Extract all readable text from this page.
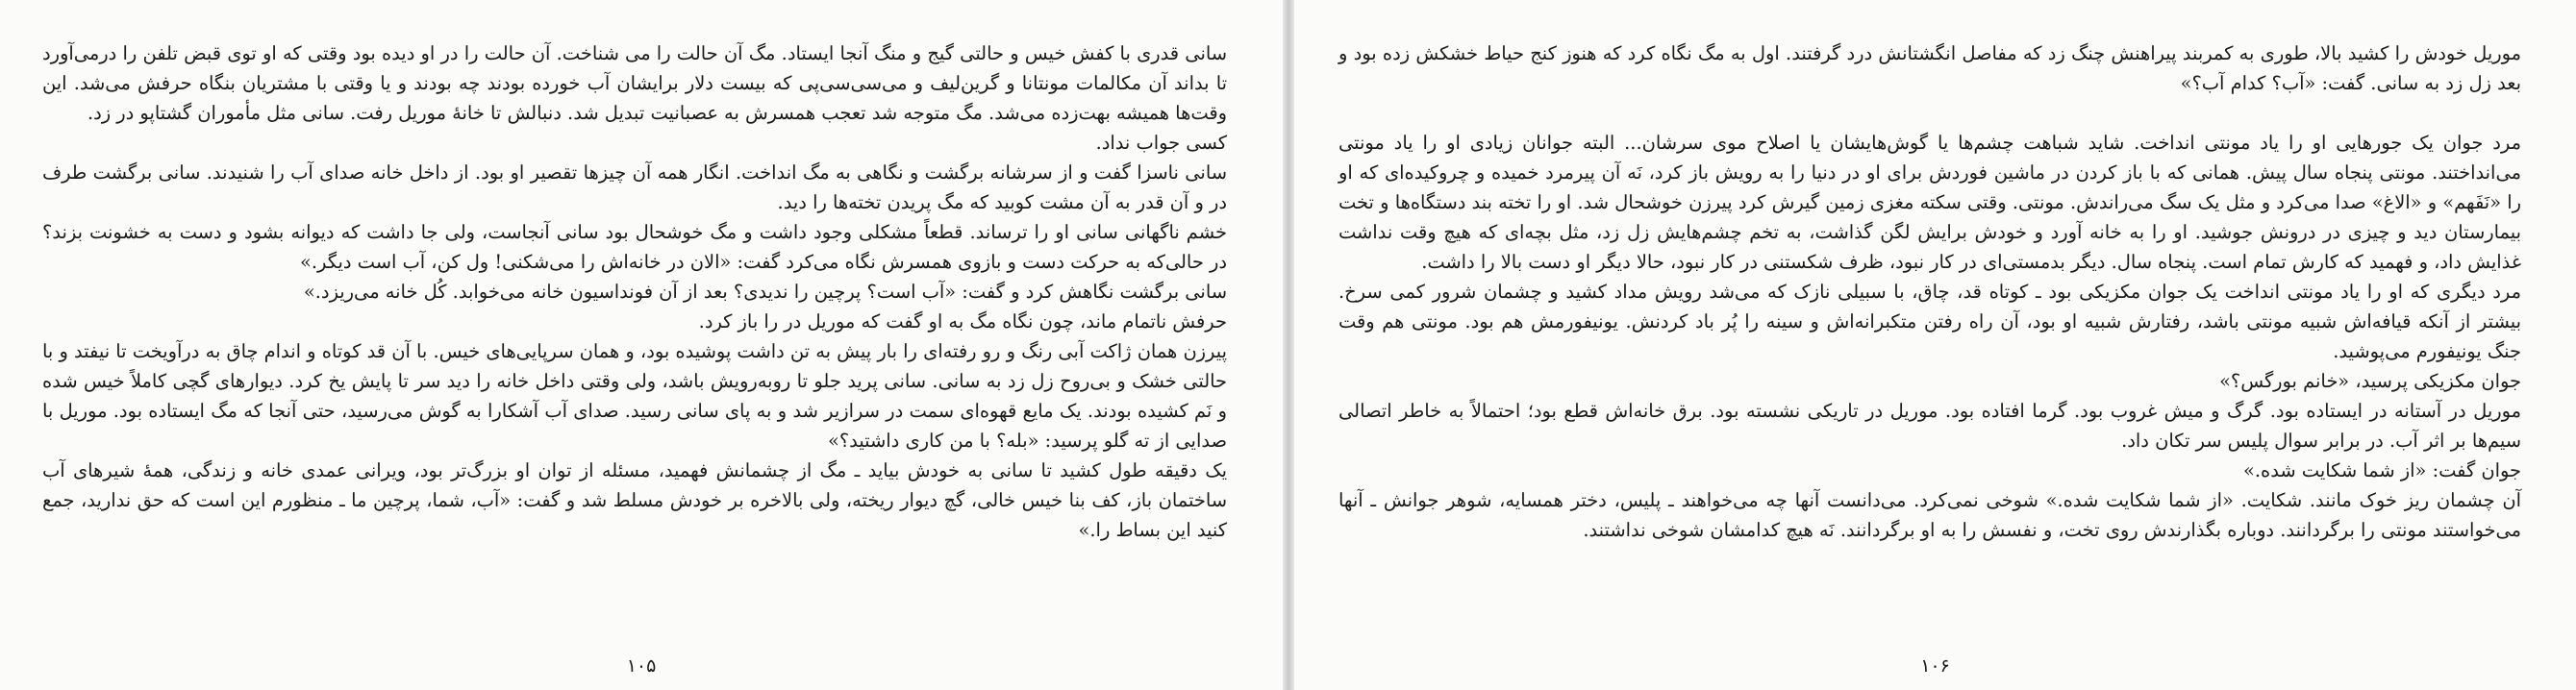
سانی قدری با کفش خیس و حالتی گیج و منگ آنجا ایستاد. مگ آن حالت را می شناخت. آن حالت را در او دیده بود وقتی که او توی قبض تلفن را درمی‌آورد تا بداند آن مکالمات مونتانا و گرین‌لیف و می‌سی‌سی‌پی که بیست دلار برایشان آب خورده بودند چه بودند و یا وقتی با مشتریان بنگاه حرفش می‌شد. این وقت‌ها همیشه بهت‌زده می‌شد. مگ متوجه شد تعجب همسرش به عصبانیت تبدیل شد. دنبالش تا خانهٔ موریل رفت. سانی مثل مأموران گشتاپو در زد.

کسی جواب نداد.

سانی ناسزا گفت و از سرشانه برگشت و نگاهی به مگ انداخت. انگار همه آن چیزها تقصیر او بود. از داخل خانه صدای آب را شنیدند. سانی برگشت طرف در و آن قدر به آن مشت کوبید که مگ پریدن تخته‌ها را دید.

خشم ناگهانی سانی او را ترساند. قطعاً مشکلی وجود داشت و مگ خوشحال بود سانی آنجاست، ولی جا داشت که دیوانه بشود و دست به خشونت بزند؟ در حالی‌که به حرکت دست و بازوی همسرش نگاه می‌کرد گفت: «الان در خانه‌اش را می‌شکنی! ول کن، آب است دیگر.»

سانی برگشت نگاهش کرد و گفت: «آب است؟ پرچین را ندیدی؟ بعد از آن فونداسیون خانه می‌خوابد. کُل خانه می‌ریزد.»

حرفش ناتمام ماند، چون نگاه مگ به او گفت که موریل در را باز کرد.

پیرزن همان ژاکت آبی رنگ و رو رفته‌ای را بار پیش به تن داشت پوشیده بود، و همان سرپایی‌های خیس. با آن قد کوتاه و اندام چاق به درآویخت تا نیفتد و با حالتی خشک و بی‌روح زل زد به سانی. سانی پرید جلو تا روبه‌رویش باشد، ولی وقتی داخل خانه را دید سر تا پایش یخ کرد. دیوارهای گچی کاملاً خیس شده و نَم کشیده بودند. یک مایع قهوه‌ای سمت در سرازیر شد و به پای سانی رسید. صدای آب آشکارا به گوش می‌رسید، حتی آنجا که مگ ایستاده بود. موریل با صدایی از ته گلو پرسید: «بله؟ با من کاری داشتید؟»

یک دقیقه طول کشید تا سانی به خودش بیاید ـ مگ از چشمانش فهمید، مسئله از توان او بزرگ‌تر بود، ویرانی عمدی خانه و زندگی، همهٔ شیرهای آب ساختمان باز، کف بنا خیس خالی، گچ دیوار ریخته، ولی بالاخره بر خودش مسلط شد و گفت: «آب، شما، پرچین ما ـ منظورم این است که حق ندارید، جمع کنید این بساط را.»

۱۰۵

موریل خودش را کشید بالا، طوری به کمربند پیراهنش چنگ زد که مفاصل انگشتانش درد گرفتند. اول به مگ نگاه کرد که هنوز کنج حیاط خشکش زده بود و بعد زل زد به سانی. گفت: «آب؟ کدام آب؟»

مرد جوان یک جورهایی او را یاد مونتی انداخت. شاید شباهت چشم‌ها یا گوش‌هایشان یا اصلاح موی سرشان... البته جوانان زیادی او را یاد مونتی می‌انداختند. مونتی پنجاه سال پیش. همانی که با باز کردن در ماشین فوردش برای او در دنیا را به رویش باز کرد، نَه آن پیرمرد خمیده و چروکیده‌ای که او را «نَفَهم» و «الاغ» صدا می‌کرد و مثل یک سگ می‌راندش. مونتی. وقتی سکته مغزی زمین گیرش کرد پیرزن خوشحال شد. او را تخته بند دستگاه‌ها و تخت بیمارستان دید و چیزی در درونش جوشید. او را به خانه آورد و خودش برایش لگن گذاشت، به تخم چشم‌هایش زل زد، مثل بچه‌ای که هیچ وقت نداشت غذایش داد، و فهمید که کارش تمام است. پنجاه سال. دیگر بدمستی‌ای در کار نبود، ظرف شکستنی در کار نبود، حالا دیگر او دست بالا را داشت.

مرد دیگری که او را یاد مونتی انداخت یک جوان مکزیکی بود ـ کوتاه قد، چاق، با سبیلی نازک که می‌شد رویش مداد کشید و چشمان شرور کمی سرخ. بیشتر از آنکه قیافه‌اش شبیه مونتی باشد، رفتارش شبیه او بود، آن راه رفتن متکبرانه‌اش و سینه را پُر باد کردنش. یونیفورمش هم بود. مونتی هم وقت جنگ یونیفورم می‌پوشید.

جوان مکزیکی پرسید، «خانم بورگس؟»

موریل در آستانه در ایستاده بود. گرگ و میش غروب بود. گرما افتاده بود. موریل در تاریکی نشسته بود. برق خانه‌اش قطع بود؛ احتمالاً به خاطر اتصالی سیم‌ها بر اثر آب. در برابر سوال پلیس سر تکان داد.

جوان گفت: «از شما شکایت شده.»

آن چشمان ریز خوک مانند. شکایت. «از شما شکایت شده.» شوخی نمی‌کرد. می‌دانست آنها چه می‌خواهند ـ پلیس، دختر همسایه، شوهر جوانش ـ آنها می‌خواستند مونتی را برگردانند. دوباره بگذارندش روی تخت، و نفسش را به او برگردانند. نَه هیچ کدامشان شوخی نداشتند.

۱۰۶
